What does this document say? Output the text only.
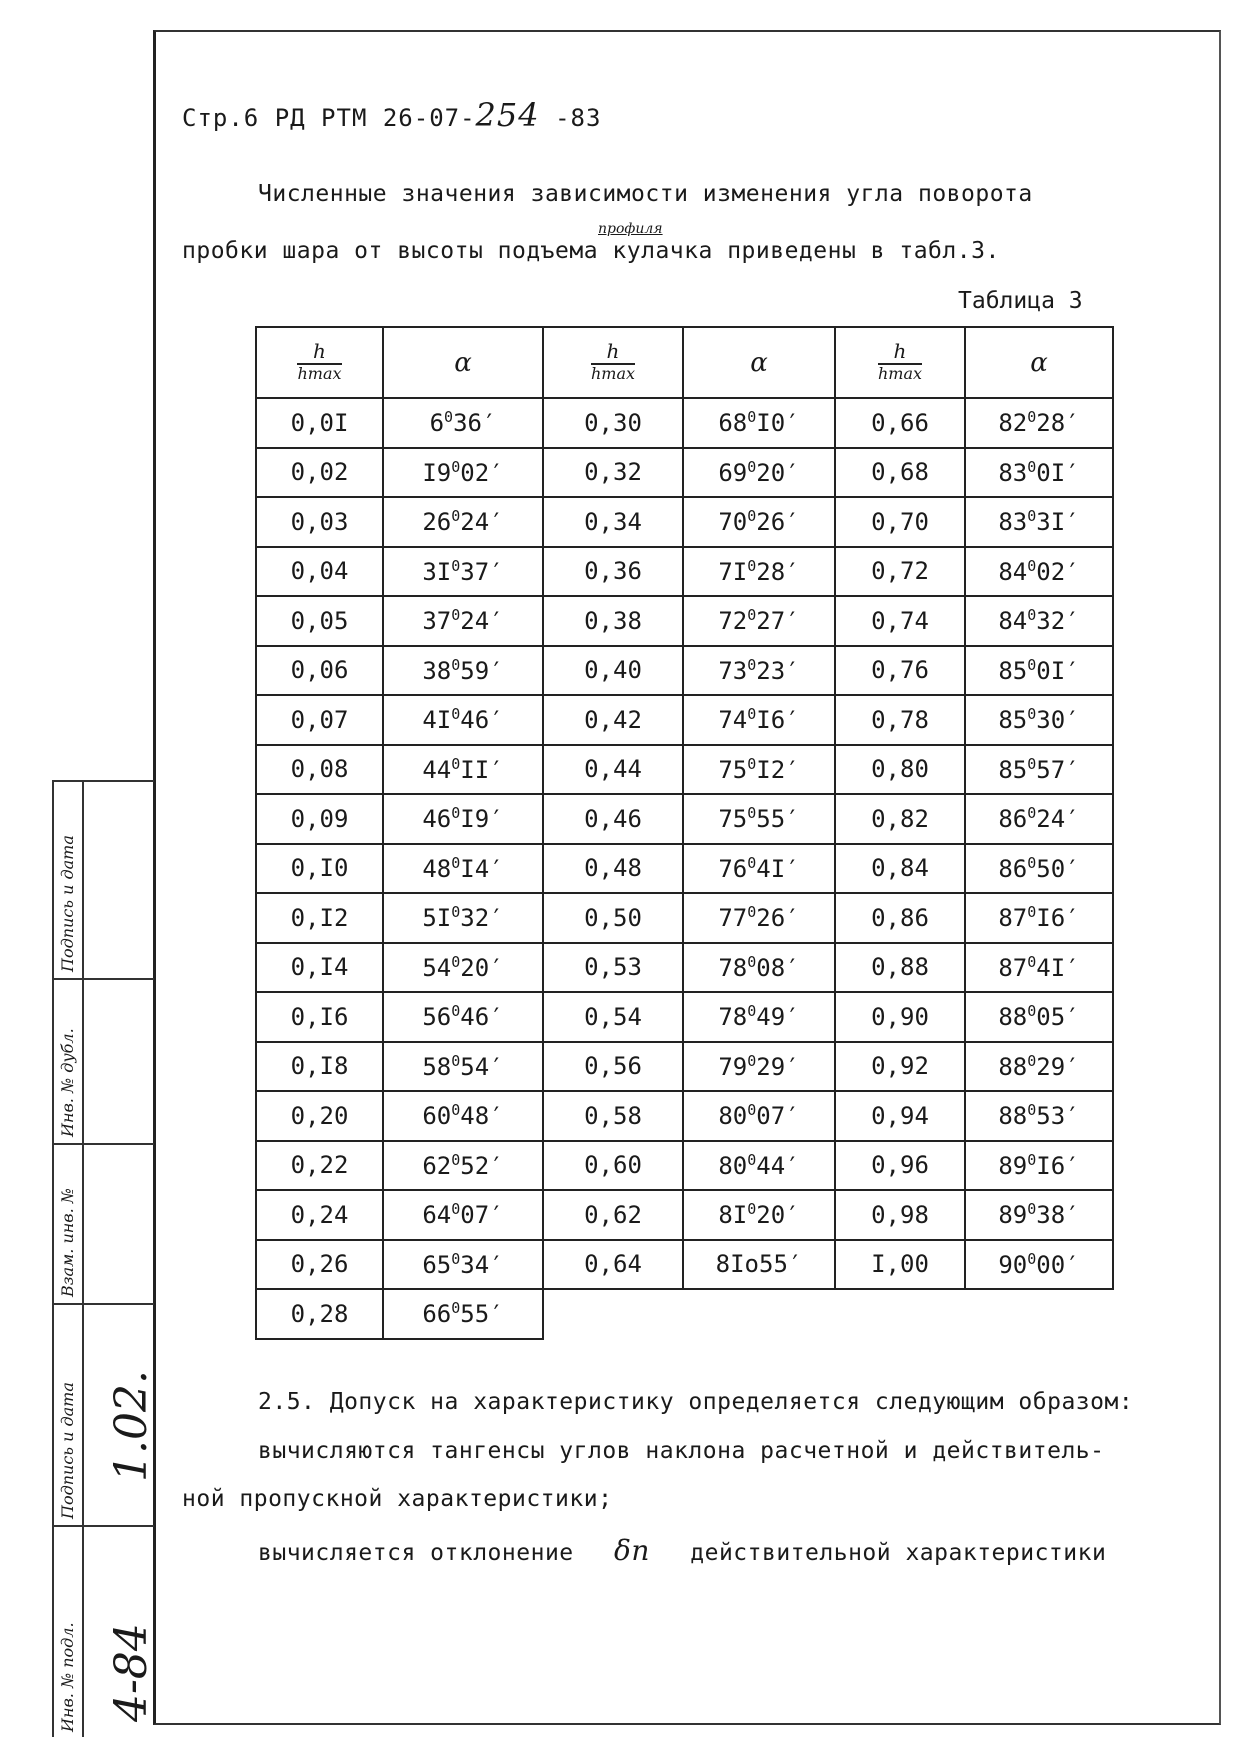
Стр.6 РД РТМ 26-07-254 -83
Численные значения зависимости изменения угла поворота
профиля
пробки шара от высоты подъема кулачка приведены в табл.3.
Таблица 3
$\frac{h}{hmax}$	α	$\frac{h}{hmax}$	α	$\frac{h}{hmax}$	α
0,0I	$6^036'$	0,30	$68^0I0'$	0,66	$82^028'$
0,02	$I9^002'$	0,32	$69^020'$	0,68	$83^00I'$
0,03	$26^024'$	0,34	$70^026'$	0,70	$83^03I'$
0,04	$3I^037'$	0,36	$7I^028'$	0,72	$84^002'$
0,05	$37^024'$	0,38	$72^027'$	0,74	$84^032'$
0,06	$38^059'$	0,40	$73^023'$	0,76	$85^00I'$
0,07	$4I^046'$	0,42	$74^0I6'$	0,78	$85^030'$
0,08	$44^0II'$	0,44	$75^0I2'$	0,80	$85^057'$
0,09	$46^0I9'$	0,46	$75^055'$	0,82	$86^024'$
0,I0	$48^0I4'$	0,48	$76^04I'$	0,84	$86^050'$
0,I2	$5I^032'$	0,50	$77^026'$	0,86	$87^0I6'$
0,I4	$54^020'$	0,53	$78^008'$	0,88	$87^04I'$
0,I6	$56^046'$	0,54	$78^049'$	0,90	$88^005'$
0,I8	$58^054'$	0,56	$79^029'$	0,92	$88^029'$
0,20	$60^048'$	0,58	$80^007'$	0,94	$88^053'$
0,22	$62^052'$	0,60	$80^044'$	0,96	$89^0I6'$
0,24	$64^007'$	0,62	$8I^020'$	0,98	$89^038'$
0,26	$65^034'$	0,64	8Io55′	I,00	$90^000'$
0,28	$66^055'$				
2.5. Допуск на характеристику определяется следующим образом:
вычисляются тангенсы углов наклона расчетной и действитель-
ной пропускной характеристики;
вычисляется отклонение δn действительной характеристики
Подпись и дата
Инв. № дубл.
Взам. инв. №
Подпись и дата
Инв. № подл.
1.02.
4-84
